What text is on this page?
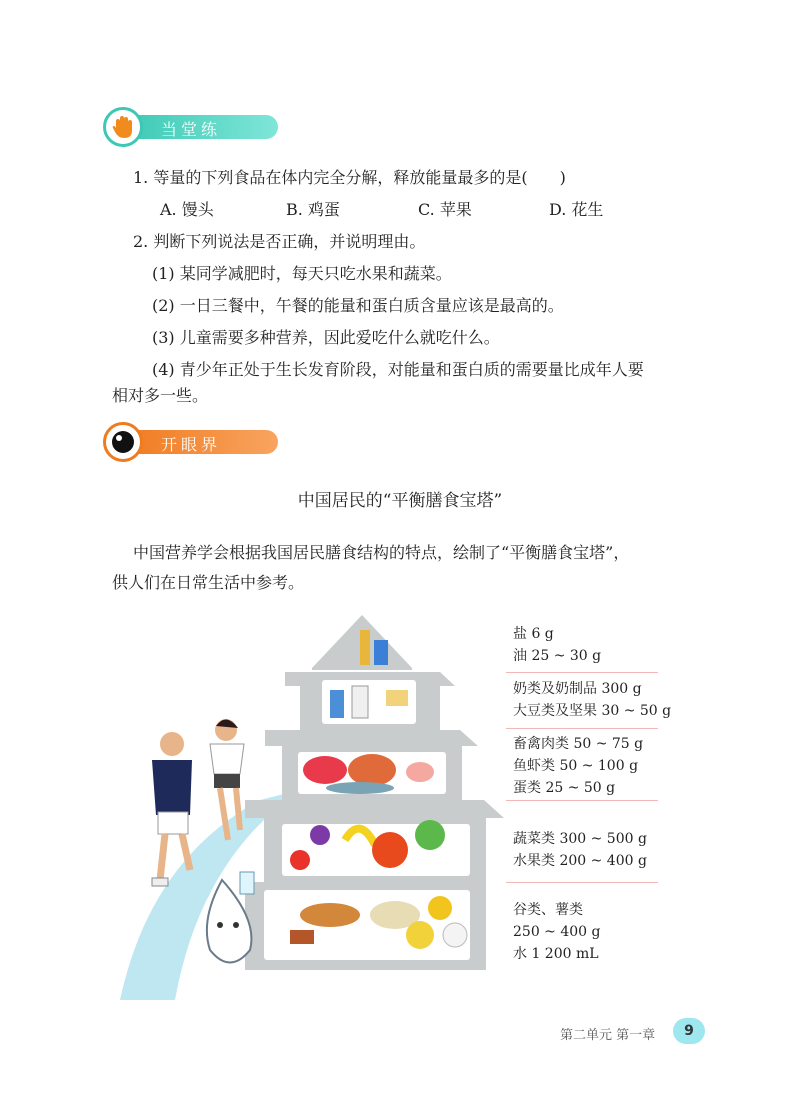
当堂练
1. 等量的下列食品在体内完全分解，释放能量最多的是(　　)
A. 馒头	B. 鸡蛋	C. 苹果	D. 花生
2. 判断下列说法是否正确，并说明理由。
(1) 某同学减肥时，每天只吃水果和蔬菜。
(2) 一日三餐中，午餐的能量和蛋白质含量应该是最高的。
(3) 儿童需要多种营养，因此爱吃什么就吃什么。
(4) 青少年正处于生长发育阶段，对能量和蛋白质的需要量比成年人要
相对多一些。
开眼界
中国居民的“平衡膳食宝塔”
中国营养学会根据我国居民膳食结构的特点，绘制了“平衡膳食宝塔”，
供人们在日常生活中参考。
盐 6 g
油 25 ~ 30 g
奶类及奶制品 300 g
大豆类及坚果 30 ~ 50 g
畜禽肉类 50 ~ 75 g
鱼虾类 50 ~ 100 g
蛋类 25 ~ 50 g
蔬菜类 300 ~ 500 g
水果类 200 ~ 400 g
谷类、薯类
250 ~ 400 g
水 1 200 mL
第二单元 第一章	9
